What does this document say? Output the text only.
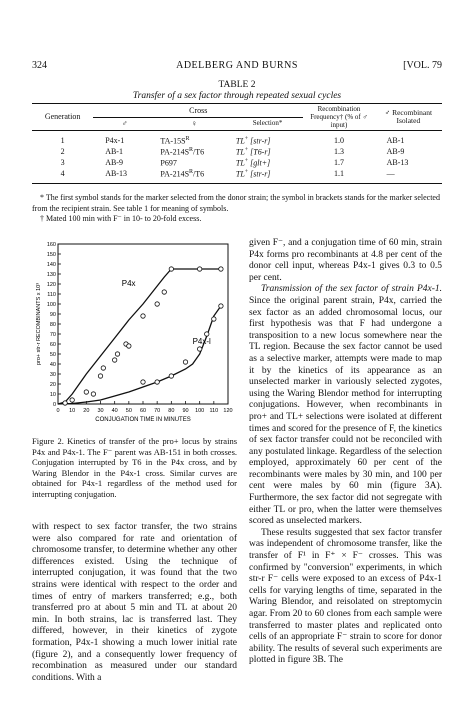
324	ADELBERG AND BURNS	[VOL. 79
TABLE 2
Transfer of a sex factor through repeated sexual cycles
Generation	Cross			Recombination Frequency† (% of ♂ input)	♂ Recombinant Isolated
	♂	♀	Selection*		
1	P4x-1	$TA-15S^R$	TL+ [str-r]	1.0	AB-1
2	AB-1	$PA-214S^R/T6$	TL+ [T6-r]	1.3	AB-9
3	AB-9	P697	TL+ [glt+]	1.7	AB-13
4	AB-13	$PA-214S^R/T6$	TL+ [str-r]	1.1	—
* The first symbol stands for the marker selected from the donor strain; the symbol in brackets stands for the marker selected from the recipient strain. See table 1 for meaning of symbols.
† Mated 100 min with F⁻ in 10- to 20-fold excess.
0 10 20 30 40 50 60 70 80 90 100 110 120
0
10
20
30
40
50
60
70
80
90
100
110
120
130
140
150
160
CONJUGATION TIME IN MINUTES
pro+ str-r RECOMBINANTS x 10³	P4x
P4x-l
Figure 2. Kinetics of transfer of the pro+ locus by strains P4x and P4x-1. The F⁻ parent was AB-151 in both crosses. Conjugation interrupted by T6 in the P4x cross, and by Waring Blendor in the P4x-1 cross. Similar curves are obtained for P4x-1 regardless of the method used for interrupting conjugation.

with respect to sex factor transfer, the two strains were also compared for rate and orientation of chromosome transfer, to determine whether any other differences existed. Using the technique of interrupted conjugation, it was found that the two strains were identical with respect to the order and times of entry of markers transferred; e.g., both transferred pro at about 5 min and TL at about 20 min. In both strains, lac is transferred last. They differed, however, in their kinetics of zygote formation, P4x-1 showing a much lower initial rate (figure 2), and a consequently lower frequency of recombination as measured under our standard conditions. With a

given F⁻, and a conjugation time of 60 min, strain P4x forms pro recombinants at 4.8 per cent of the donor cell input, whereas P4x-1 gives 0.3 to 0.5 per cent.

Transmission of the sex factor of strain P4x-1. Since the original parent strain, P4x, carried the sex factor as an added chromosomal locus, our first hypothesis was that F had undergone a transposition to a new locus somewhere near the TL region. Because the sex factor cannot be used as a selective marker, attempts were made to map it by the kinetics of its appearance as an unselected marker in variously selected zygotes, using the Waring Blendor method for interrupting conjugations. However, when recombinants in pro+ and TL+ selections were isolated at different times and scored for the presence of F, the kinetics of sex factor transfer could not be reconciled with any postulated linkage. Regardless of the selection employed, approximately 60 per cent of the recombinants were males by 30 min, and 100 per cent were males by 60 min (figure 3A). Furthermore, the sex factor did not segregate with either TL or pro, when the latter were themselves scored as unselected markers.

These results suggested that sex factor transfer was independent of chromosome transfer, like the transfer of F¹ in F⁺ × F⁻ crosses. This was confirmed by "conversion" experiments, in which str-r F⁻ cells were exposed to an excess of P4x-1 cells for varying lengths of time, separated in the Waring Blendor, and reisolated on streptomycin agar. From 20 to 60 clones from each sample were transferred to master plates and replicated onto cells of an appropriate F⁻ strain to score for donor ability. The results of several such experiments are plotted in figure 3B. The
